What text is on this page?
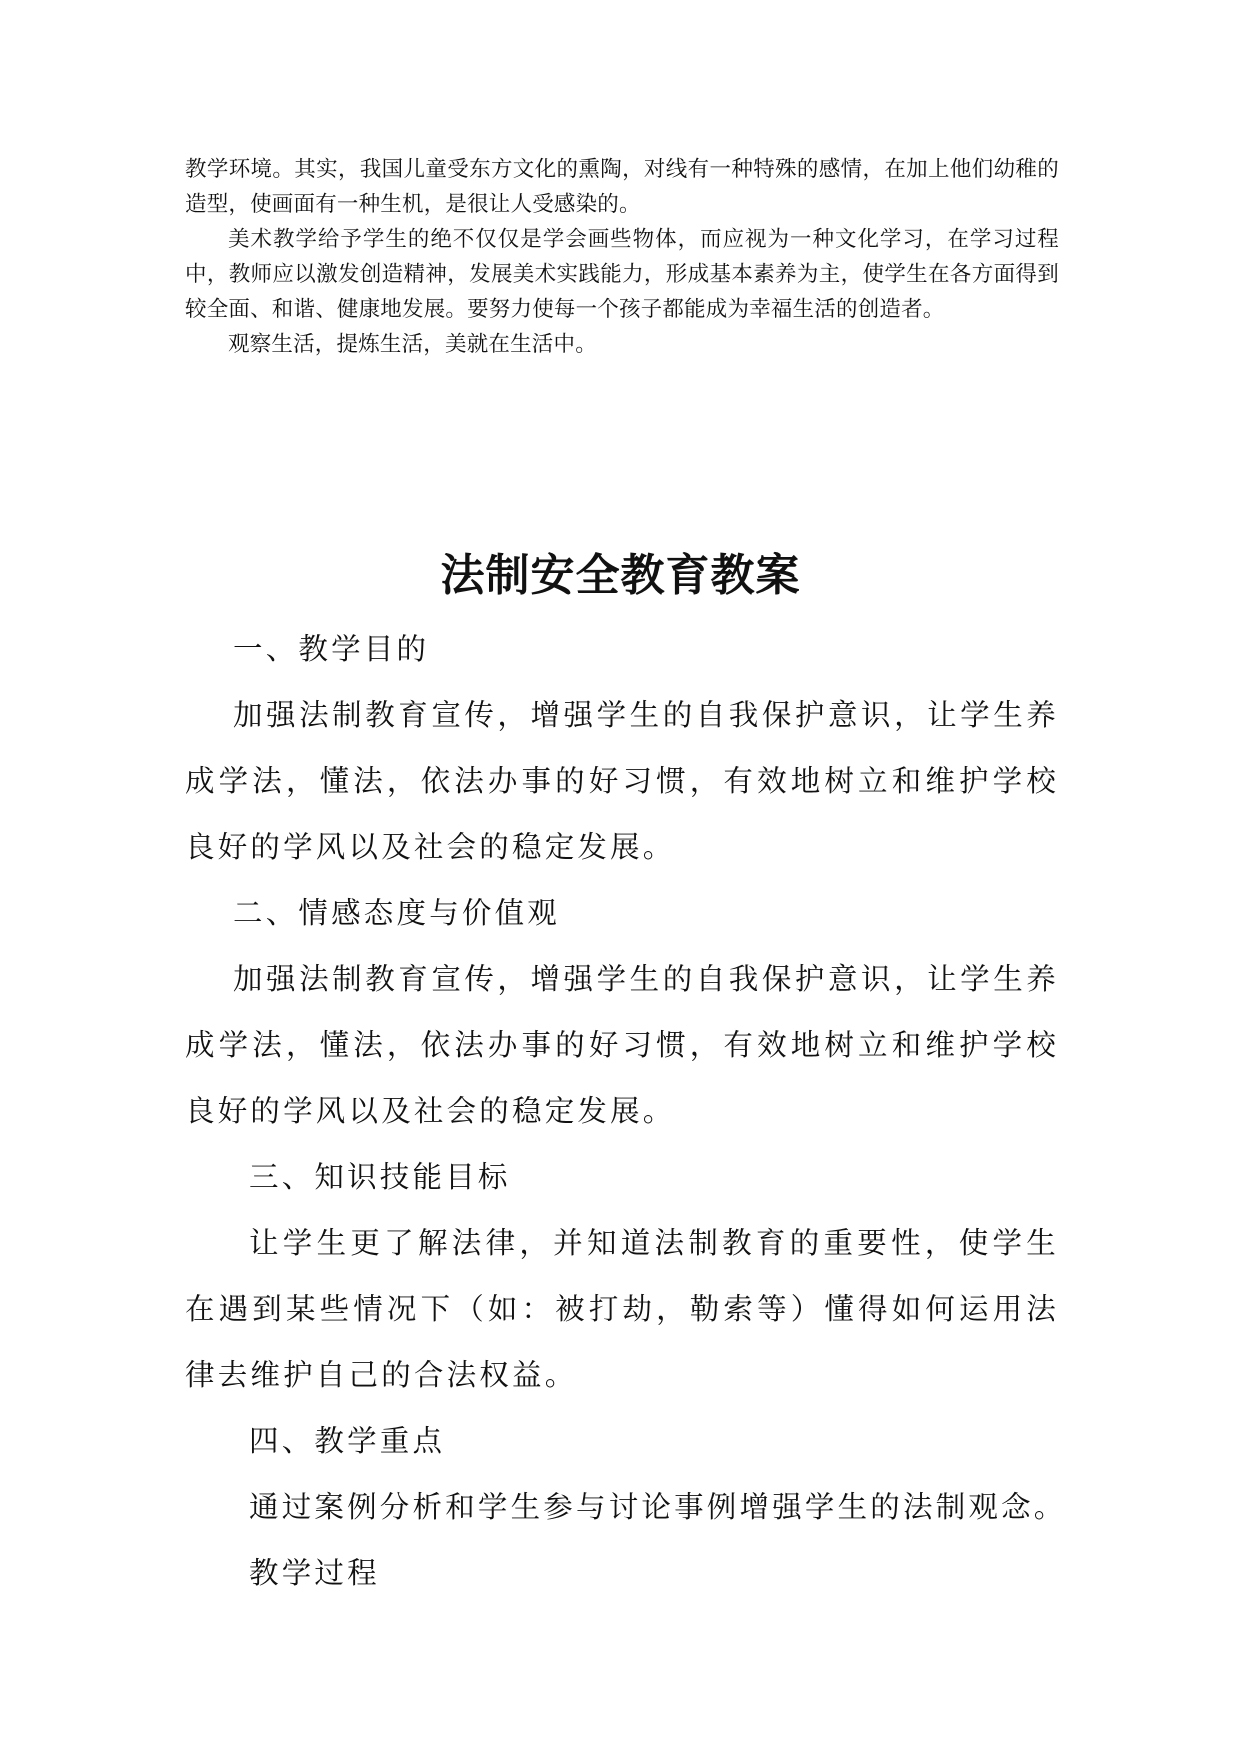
教学环境。其实，我国儿童受东方文化的熏陶，对线有一种特殊的感情，在加上他们幼稚的造型，使画面有一种生机，是很让人受感染的。

美术教学给予学生的绝不仅仅是学会画些物体，而应视为一种文化学习，在学习过程中，教师应以激发创造精神，发展美术实践能力，形成基本素养为主，使学生在各方面得到较全面、和谐、健康地发展。要努力使每一个孩子都能成为幸福生活的创造者。

观察生活，提炼生活，美就在生活中。

法制安全教育教案

一、教学目的

加强法制教育宣传，增强学生的自我保护意识，让学生养成学法，懂法，依法办事的好习惯，有效地树立和维护学校良好的学风以及社会的稳定发展。

二、情感态度与价值观

加强法制教育宣传，增强学生的自我保护意识，让学生养成学法，懂法，依法办事的好习惯，有效地树立和维护学校良好的学风以及社会的稳定发展。

三、知识技能目标

让学生更了解法律，并知道法制教育的重要性，使学生在遇到某些情况下（如：被打劫，勒索等）懂得如何运用法律去维护自己的合法权益。

四、教学重点

通过案例分析和学生参与讨论事例增强学生的法制观念。

教学过程
